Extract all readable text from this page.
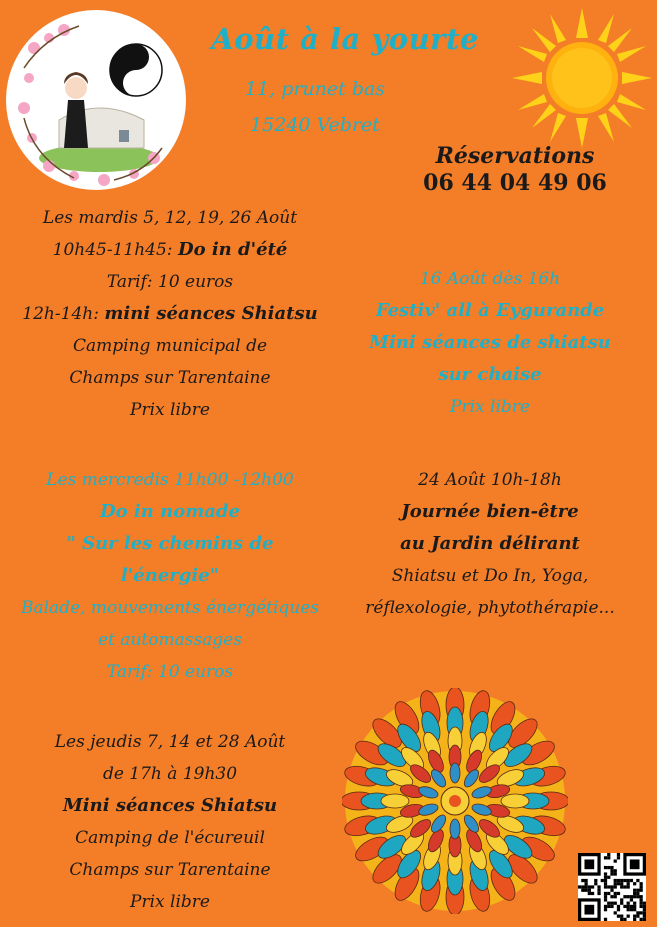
Août à la yourte
11, prunet bas
15240 Vebret
Réservations
06 44 04 49 06
Les mardis 5, 12, 19, 26 Août
10h45-11h45: Do in d'été
Tarif: 10 euros
12h-14h: mini séances Shiatsu
Camping municipal de
Champs sur Tarentaine
Prix libre
16 Août dès 16h
Festiv' all à Eygurande
Mini séances de shiatsu
sur chaise
Prix libre
Les mercredis 11h00 -12h00
Do in nomade
" Sur les chemins de
l'énergie"
Balade, mouvements énergétiques
et automassages
Tarif: 10 euros
24 Août 10h-18h
Journée bien-être
au Jardin délirant
Shiatsu et Do In, Yoga,
réflexologie, phytothérapie...
Les jeudis 7, 14 et 28 Août
de 17h à 19h30
Mini séances Shiatsu
Camping de l'écureuil
Champs sur Tarentaine
Prix libre
